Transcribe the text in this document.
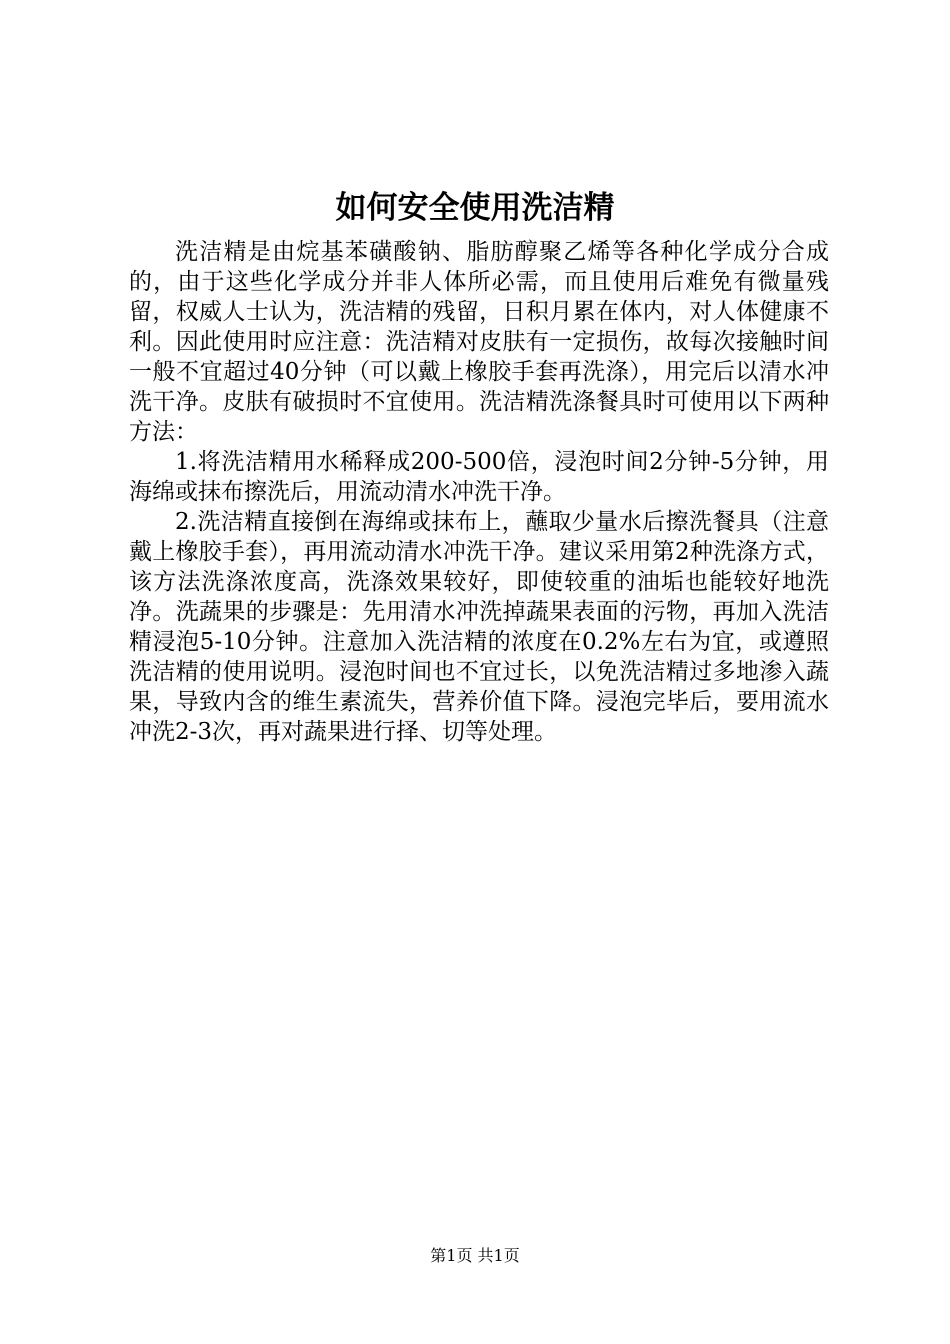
如何安全使用洗洁精

洗洁精是由烷基苯磺酸钠、脂肪醇聚乙烯等各种化学成分合成的，由于这些化学成分并非人体所必需，而且使用后难免有微量残留，权威人士认为，洗洁精的残留，日积月累在体内，对人体健康不利。因此使用时应注意：洗洁精对皮肤有一定损伤，故每次接触时间一般不宜超过40分钟（可以戴上橡胶手套再洗涤），用完后以清水冲洗干净。皮肤有破损时不宜使用。洗洁精洗涤餐具时可使用以下两种方法：

1.将洗洁精用水稀释成200-500倍，浸泡时间2分钟-5分钟，用海绵或抹布擦洗后，用流动清水冲洗干净。

2.洗洁精直接倒在海绵或抹布上，蘸取少量水后擦洗餐具（注意戴上橡胶手套），再用流动清水冲洗干净。建议采用第2种洗涤方式，该方法洗涤浓度高，洗涤效果较好，即使较重的油垢也能较好地洗净。洗蔬果的步骤是：先用清水冲洗掉蔬果表面的污物，再加入洗洁精浸泡5-10分钟。注意加入洗洁精的浓度在0.2%左右为宜，或遵照洗洁精的使用说明。浸泡时间也不宜过长，以免洗洁精过多地渗入蔬果，导致内含的维生素流失，营养价值下降。浸泡完毕后，要用流水冲洗2-3次，再对蔬果进行择、切等处理。

第1页 共1页
